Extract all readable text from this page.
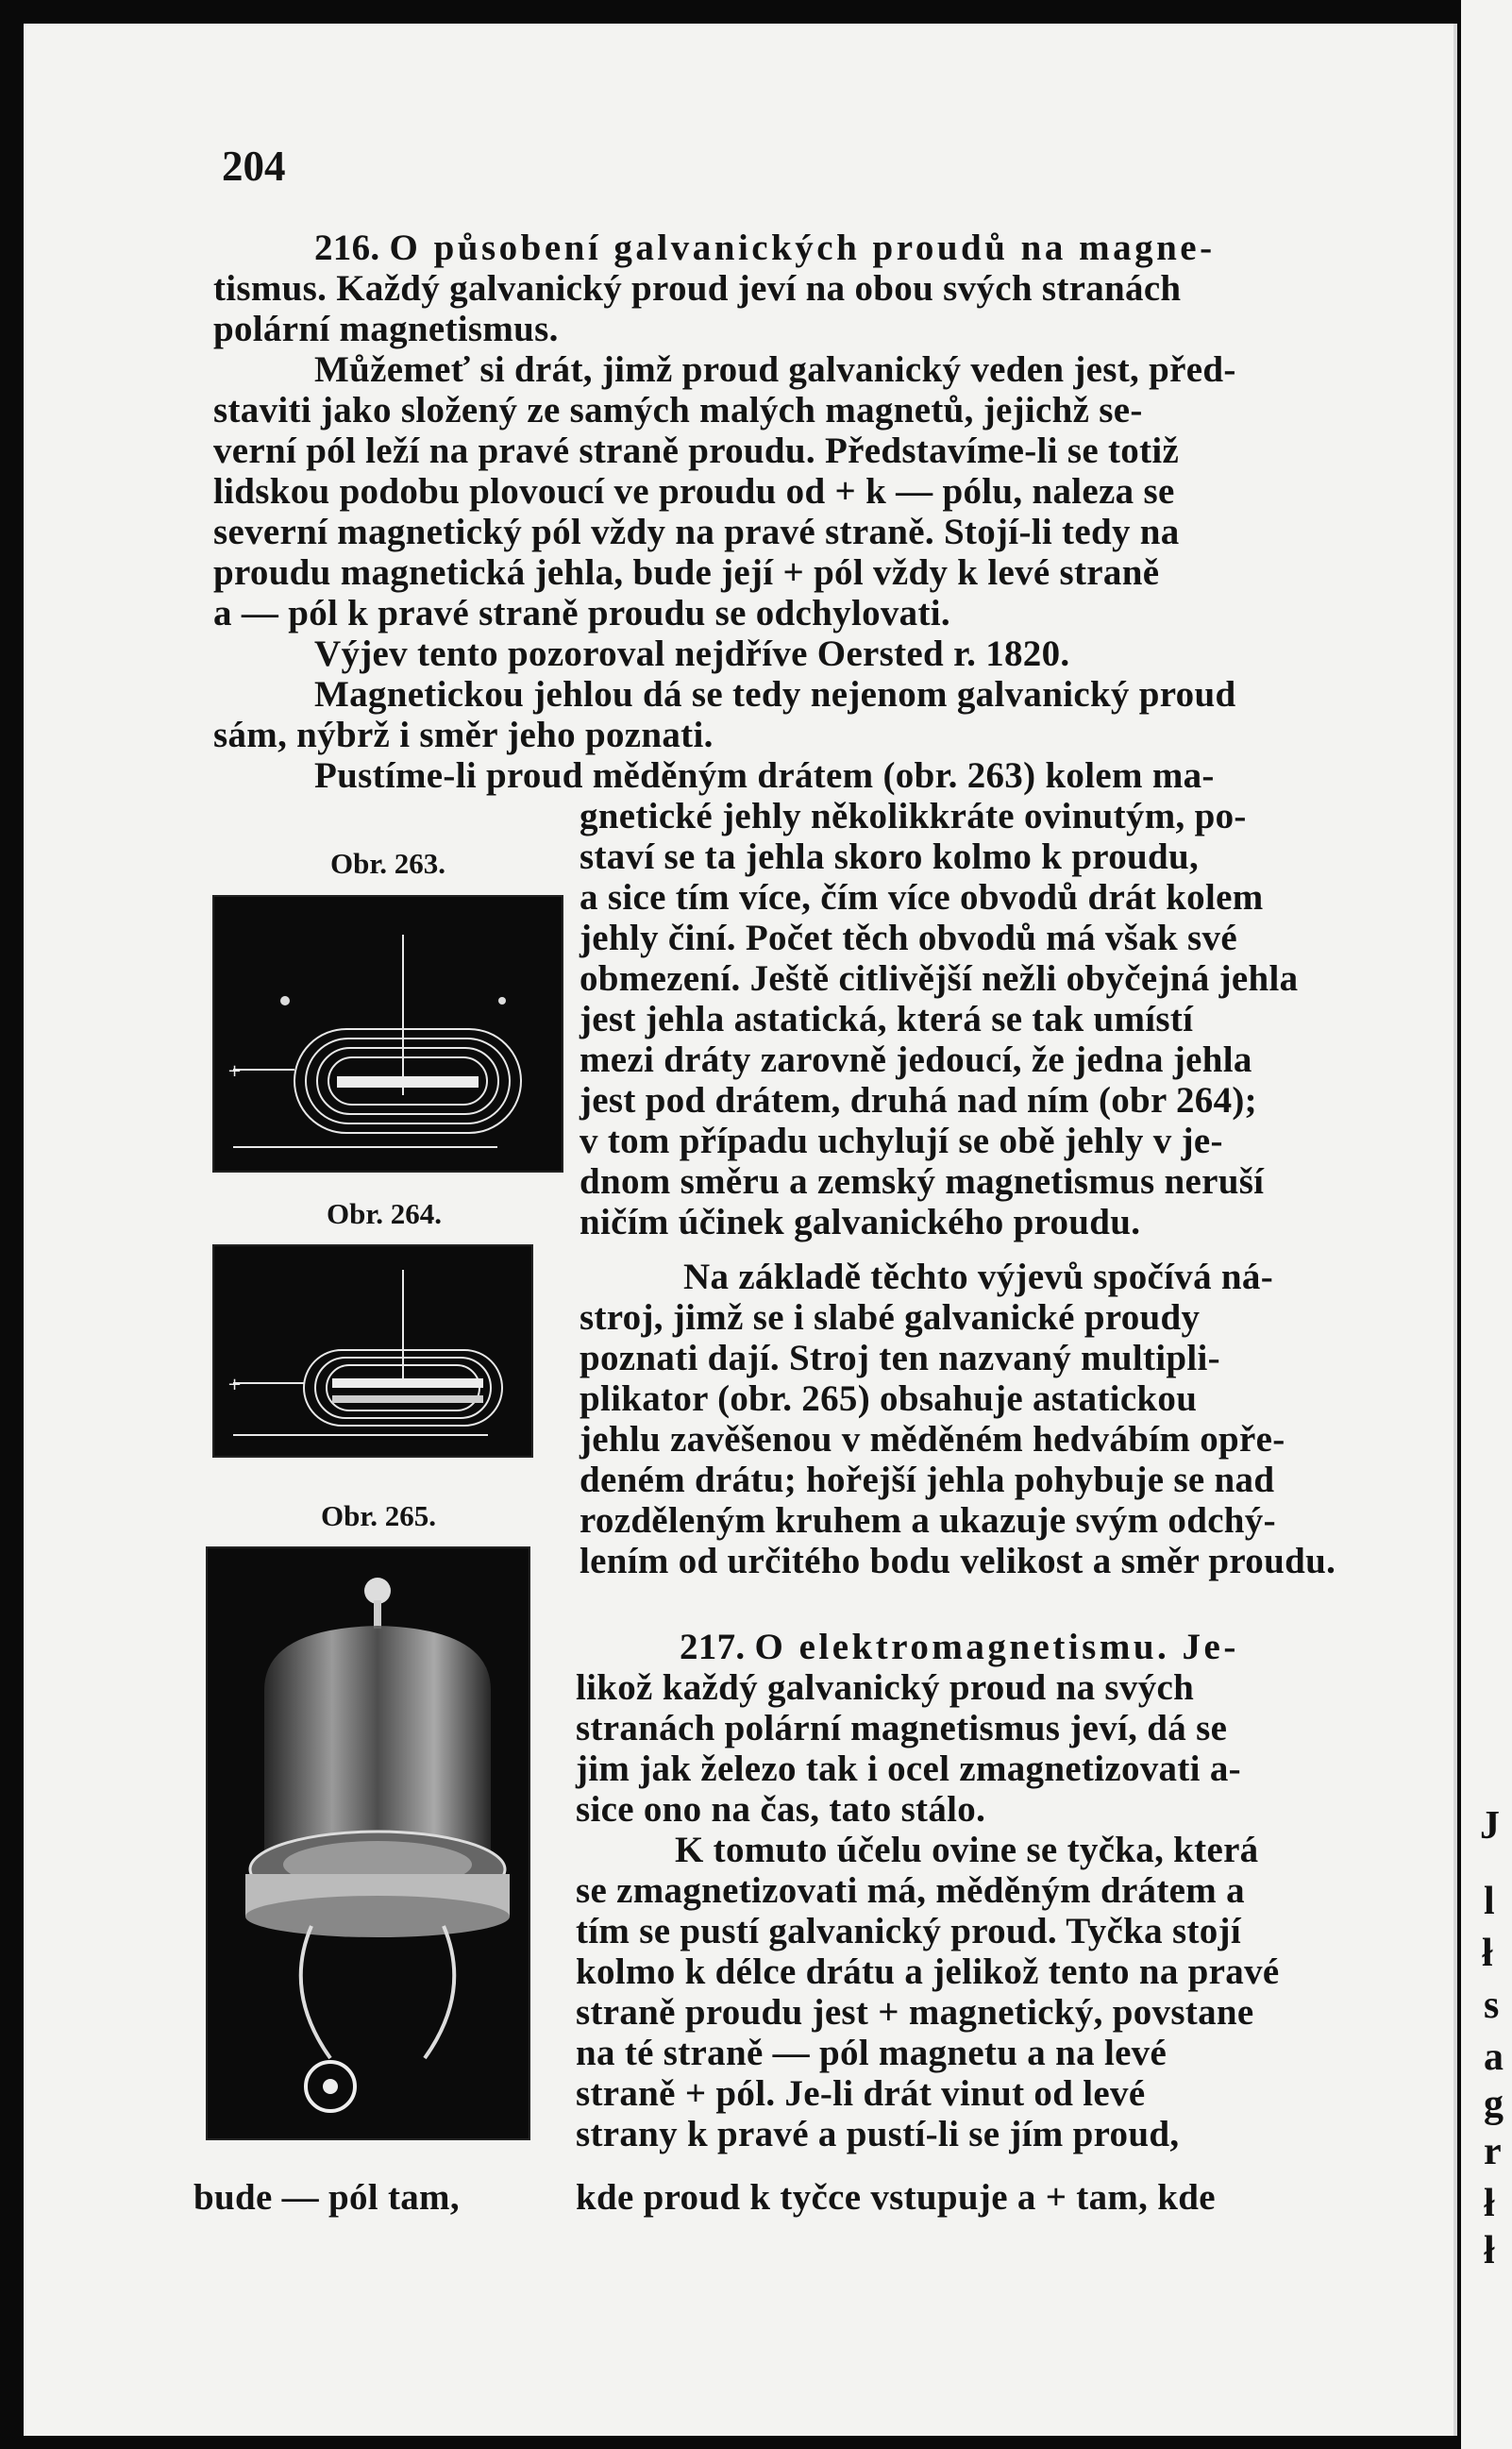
J
l
ł
s
a
g
r
ł
ł
204
216. O působení galvanických proudů na magne-
tismus. Každý galvanický proud jeví na obou svých stranách
polární magnetismus.
Můžemeť si drát, jimž proud galvanický veden jest, před-
staviti jako složený ze samých malých magnetů, jejichž se-
verní pól leží na pravé straně proudu. Představíme-li se totiž
lidskou podobu plovoucí ve proudu od + k — pólu, naleza se
severní magnetický pól vždy na pravé straně. Stojí-li tedy na
proudu magnetická jehla, bude její + pól vždy k levé straně
a — pól k pravé straně proudu se odchylovati.
Výjev tento pozoroval nejdříve Oersted r. 1820.
Magnetickou jehlou dá se tedy nejenom galvanický proud
sám, nýbrž i směr jeho poznati.
Pustíme-li proud měděným drátem (obr. 263) kolem ma-
gnetické jehly několikkráte ovinutým, po-
staví se ta jehla skoro kolmo k proudu,
a sice tím více, čím více obvodů drát kolem
jehly činí. Počet těch obvodů má však své
obmezení. Ještě citlivější nežli obyčejná jehla
jest jehla astatická, která se tak umístí
mezi dráty zarovně jedoucí, že jedna jehla
jest pod drátem, druhá nad ním (obr 264);
v tom případu uchylují se obě jehly v je-
dnom směru a zemský magnetismus neruší
ničím účinek galvanického proudu.
Na základě těchto výjevů spočívá ná-
stroj, jimž se i slabé galvanické proudy
poznati dají. Stroj ten nazvaný multipli-
plikator (obr. 265) obsahuje astatickou
jehlu zavěšenou v měděném hedvábím opře-
deném drátu; hořejší jehla pohybuje se nad
rozděleným kruhem a ukazuje svým odchý-
lením od určitého bodu velikost a směr proudu.
217. O elektromagnetismu. Je-
likož každý galvanický proud na svých
stranách polární magnetismus jeví, dá se
jim jak železo tak i ocel zmagnetizovati a-
sice ono na čas, tato stálo.
K tomuto účelu ovine se tyčka, která
se zmagnetizovati má, měděným drátem a
tím se pustí galvanický proud. Tyčka stojí
kolmo k délce drátu a jelikož tento na pravé
straně proudu jest + magnetický, povstane
na té straně — pól magnetu a na levé
straně + pól. Je-li drát vinut od levé
strany k pravé a pustí-li se jím proud,
bude — pól tam,	kde proud k tyčce vstupuje a + tam, kde
Obr. 263.
+
Obr. 264.
+
Obr. 265.
